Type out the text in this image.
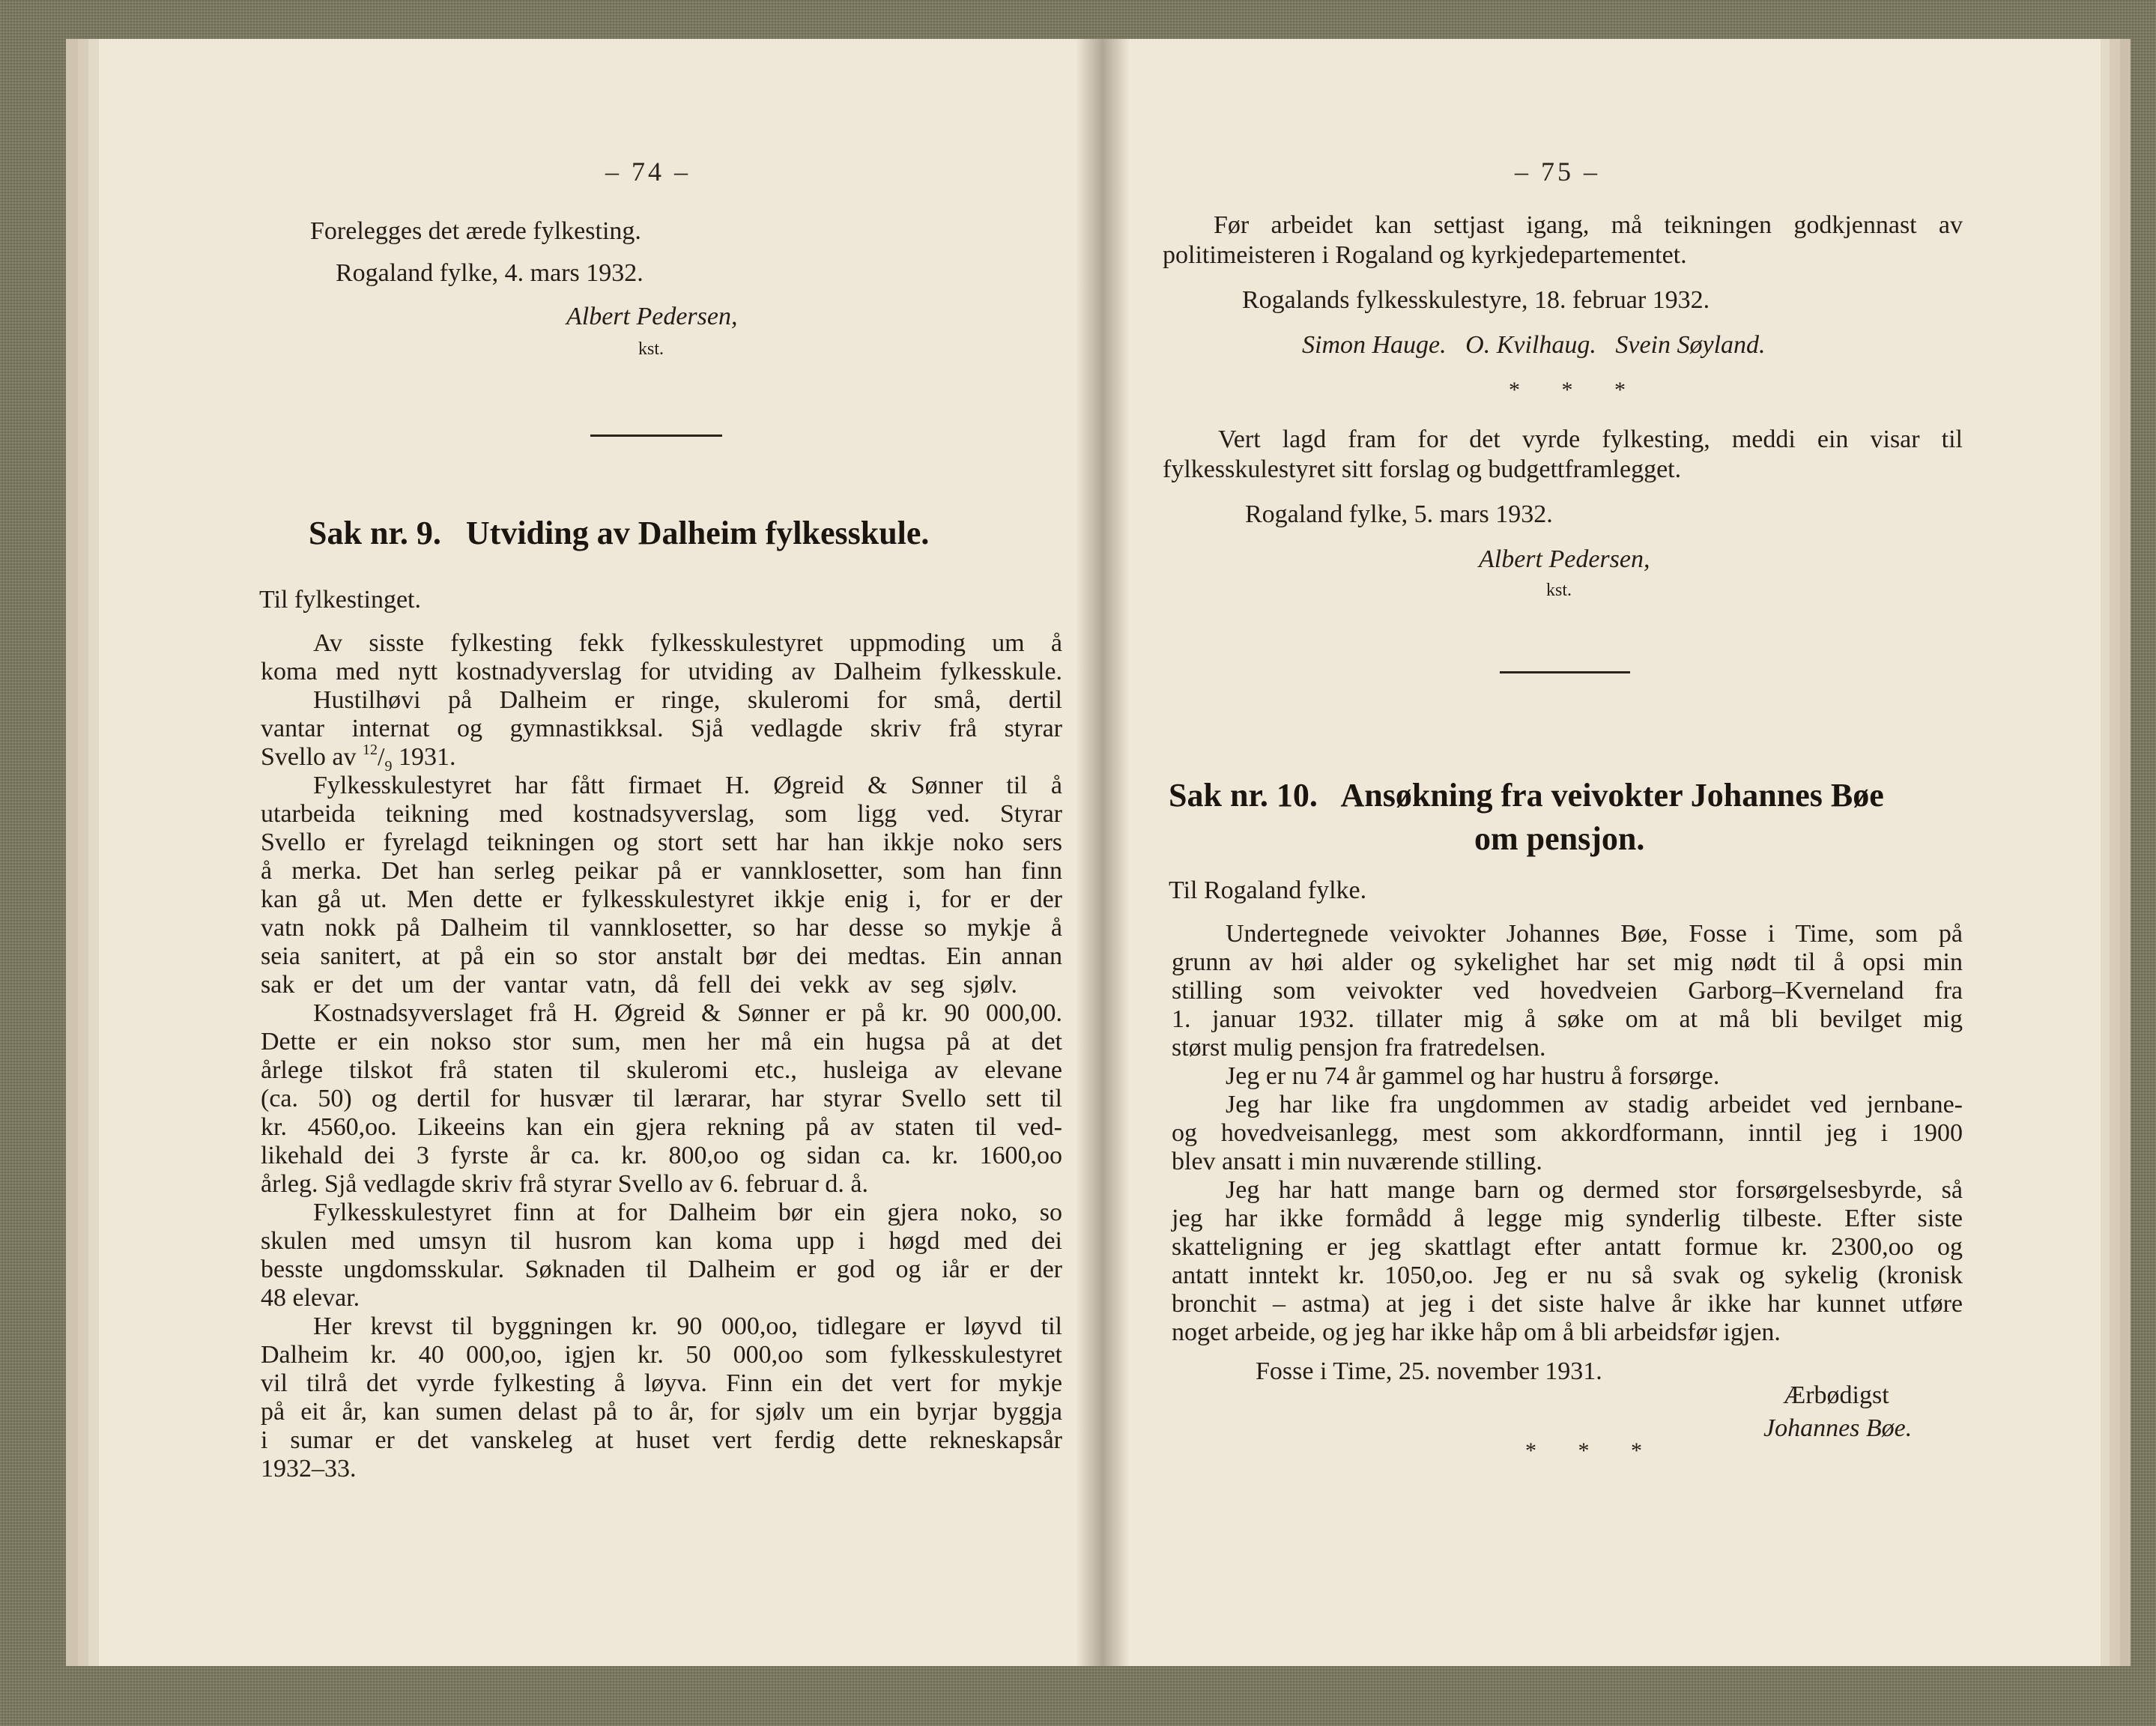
– 74 –
Forelegges det ærede fylkesting.
Rogaland fylke, 4. mars 1932.
Albert Pedersen,
kst.
Sak nr. 9.   Utviding av Dalheim fylkesskule.
Til fylkestinget.
Av sisste fylkesting fekk fylkesskulestyret uppmoding um å
koma med nytt kostnadyverslag for utviding av Dalheim fylkesskule.
Hustilhøvi på Dalheim er ringe, skuleromi for små, dertil
vantar internat og gymnastikksal. Sjå vedlagde skriv frå styrar
Svello av $^{12}/_9$ 1931.
Fylkesskulestyret har fått firmaet H. Øgreid & Sønner til å
utarbeida teikning med kostnadsyverslag, som ligg ved. Styrar
Svello er fyrelagd teikningen og stort sett har han ikkje noko sers
å merka. Det han serleg peikar på er vannklosetter, som han finn
kan gå ut. Men dette er fylkesskulestyret ikkje enig i, for er der
vatn nokk på Dalheim til vannklosetter, so har desse so mykje å
seia sanitert, at på ein so stor anstalt bør dei medtas. Ein annan
sak er det um der vantar vatn, då fell dei vekk av seg sjølv.
Kostnadsyverslaget frå H. Øgreid & Sønner er på kr. 90 000,00.
Dette er ein nokso stor sum, men her må ein hugsa på at det
årlege tilskot frå staten til skuleromi etc., husleiga av elevane
(ca. 50) og dertil for husvær til lærarar, har styrar Svello sett til
kr. 4560,oo. Likeeins kan ein gjera rekning på av staten til ved-
likehald dei 3 fyrste år ca. kr. 800,oo og sidan ca. kr. 1600,oo
årleg. Sjå vedlagde skriv frå styrar Svello av 6. februar d. å.
Fylkesskulestyret finn at for Dalheim bør ein gjera noko, so
skulen med umsyn til husrom kan koma upp i høgd med dei
besste ungdomsskular. Søknaden til Dalheim er god og iår er der
48 elevar.
Her krevst til byggningen kr. 90 000,oo, tidlegare er løyvd til
Dalheim kr. 40 000,oo, igjen kr. 50 000,oo som fylkesskulestyret
vil tilrå det vyrde fylkesting å løyva. Finn ein det vert for mykje
på eit år, kan sumen delast på to år, for sjølv um ein byrjar byggja
i sumar er det vanskeleg at huset vert ferdig dette rekneskapsår
1932–33.
– 75 –
Før arbeidet kan settjast igang, må teikningen godkjennast av
politimeisteren i Rogaland og kyrkjedepartementet.
Rogalands fylkesskulestyre, 18. februar 1932.
Simon Hauge.   O. Kvilhaug.   Svein Søyland.
* * *
Vert lagd fram for det vyrde fylkesting, meddi ein visar til
fylkesskulestyret sitt forslag og budgettframlegget.
Rogaland fylke, 5. mars 1932.
Albert Pedersen,
kst.
Sak nr. 10.   Ansøkning fra veivokter Johannes Bøe
om pensjon.
Til Rogaland fylke.
Undertegnede veivokter Johannes Bøe, Fosse i Time, som på
grunn av høi alder og sykelighet har set mig nødt til å opsi min
stilling som veivokter ved hovedveien Garborg–Kverneland fra
1. januar 1932. tillater mig å søke om at må bli bevilget mig
størst mulig pensjon fra fratredelsen.
Jeg er nu 74 år gammel og har hustru å forsørge.
Jeg har like fra ungdommen av stadig arbeidet ved jernbane-
og hovedveisanlegg, mest som akkordformann, inntil jeg i 1900
blev ansatt i min nuværende stilling.
Jeg har hatt mange barn og dermed stor forsørgelsesbyrde, så
jeg har ikke formådd å legge mig synderlig tilbeste. Efter siste
skatteligning er jeg skattlagt efter antatt formue kr. 2300,oo og
antatt inntekt kr. 1050,oo. Jeg er nu så svak og sykelig (kronisk
bronchit – astma) at jeg i det siste halve år ikke har kunnet utføre
noget arbeide, og jeg har ikke håp om å bli arbeidsfør igjen.
Fosse i Time, 25. november 1931.
Ærbødigst
Johannes Bøe.
* * *
